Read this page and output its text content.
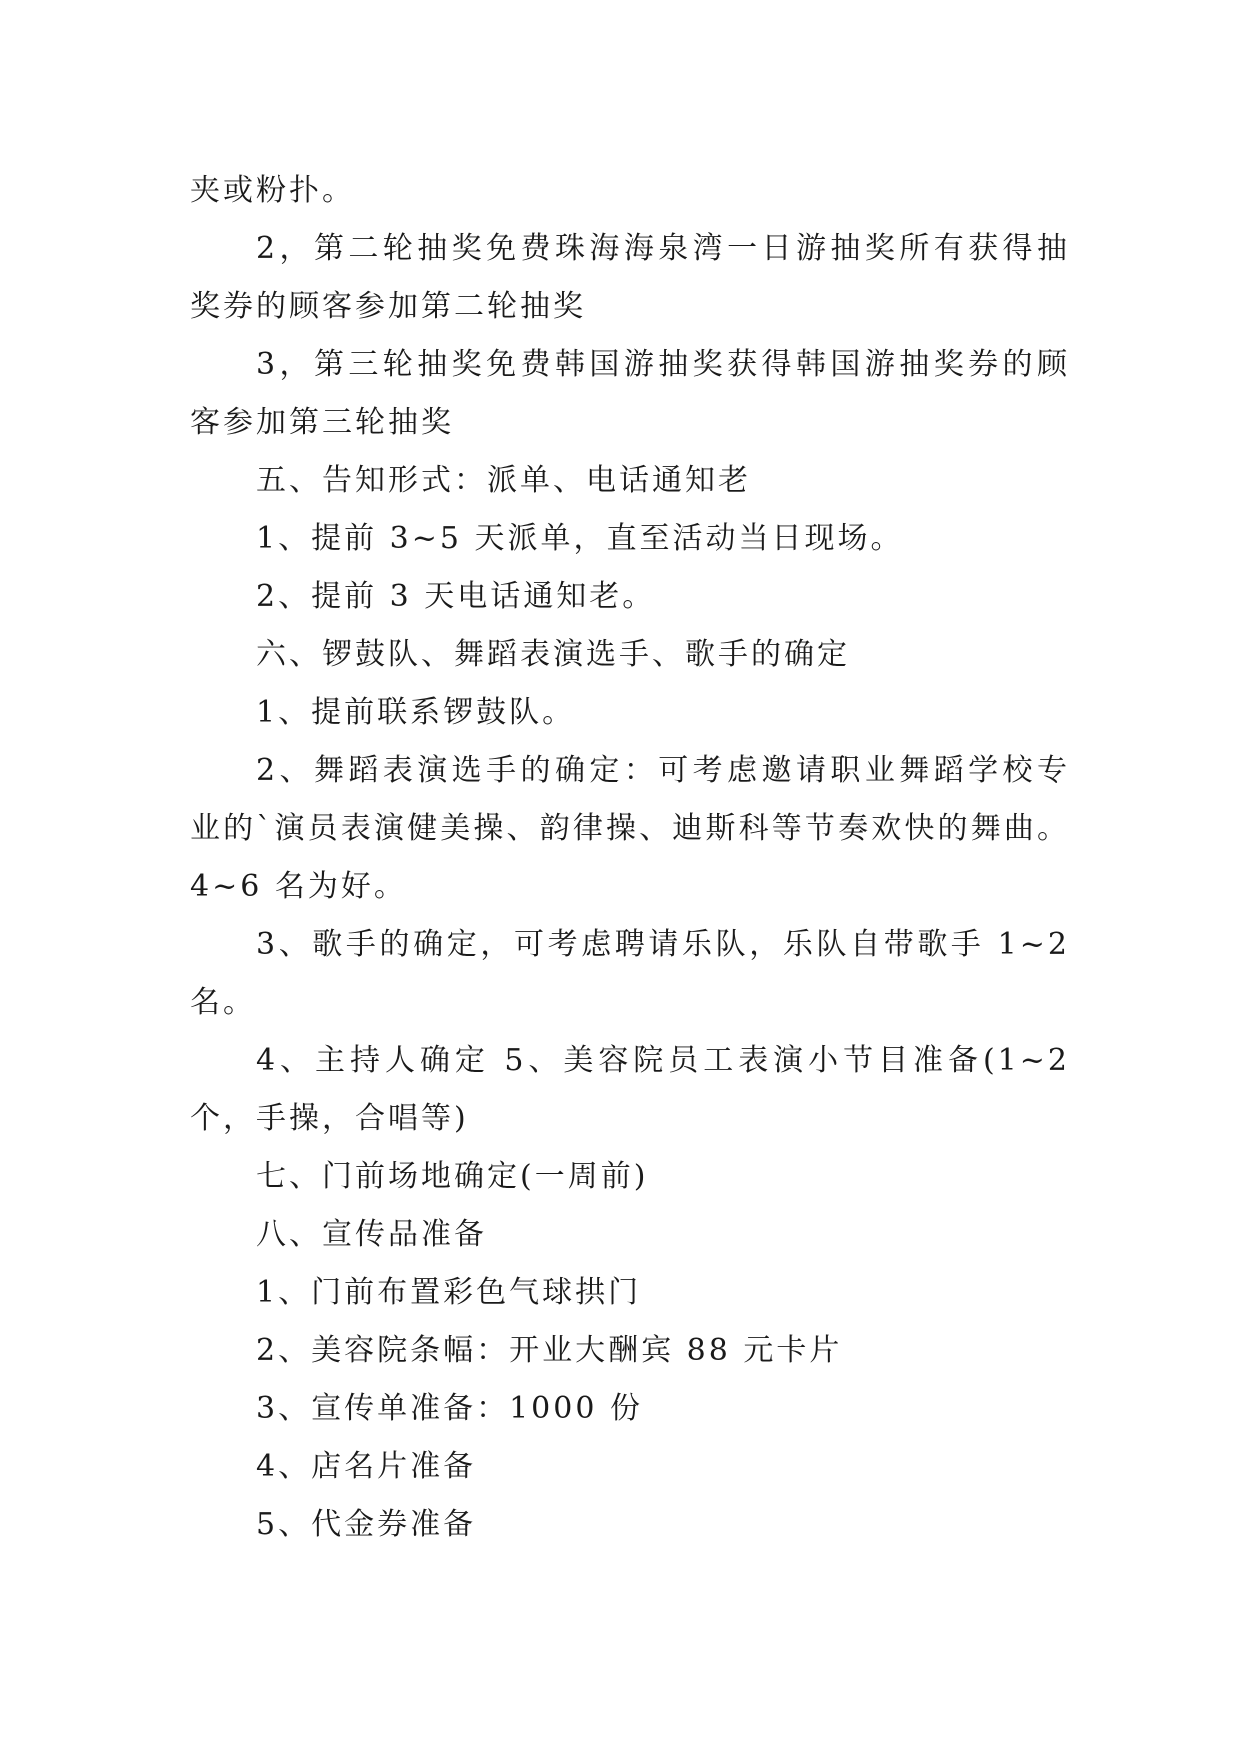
夹或粉扑。

2，第二轮抽奖免费珠海海泉湾一日游抽奖所有获得抽奖券的顾客参加第二轮抽奖

3，第三轮抽奖免费韩国游抽奖获得韩国游抽奖券的顾客参加第三轮抽奖

五、告知形式：派单、电话通知老

1、提前 3~5 天派单，直至活动当日现场。

2、提前 3 天电话通知老。

六、锣鼓队、舞蹈表演选手、歌手的确定

1、提前联系锣鼓队。

2、舞蹈表演选手的确定：可考虑邀请职业舞蹈学校专业的`演员表演健美操、韵律操、迪斯科等节奏欢快的舞曲。4~6 名为好。

3、歌手的确定，可考虑聘请乐队，乐队自带歌手 1~2 名。

4、主持人确定 5、美容院员工表演小节目准备(1~2 个，手操，合唱等)

七、门前场地确定(一周前)

八、宣传品准备

1、门前布置彩色气球拱门

2、美容院条幅：开业大酬宾 88 元卡片

3、宣传单准备：1000 份

4、店名片准备

5、代金券准备
